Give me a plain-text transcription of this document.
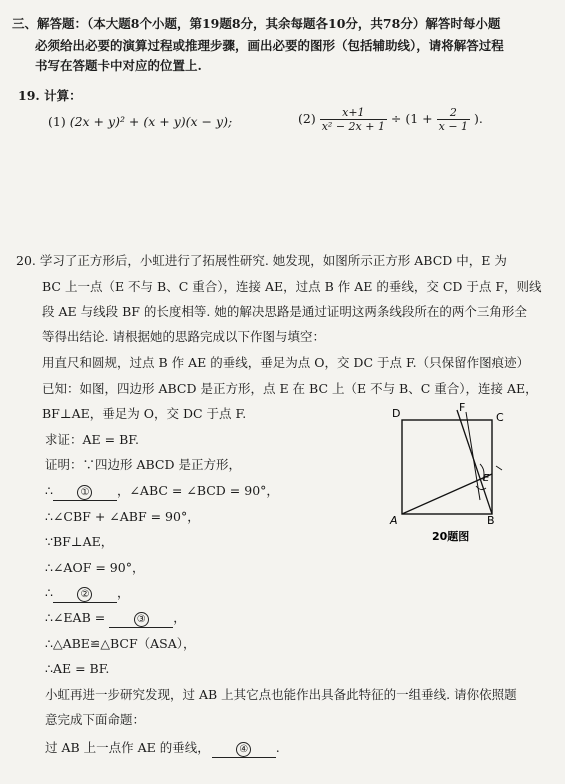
三、解答题：（本大题8个小题，第19题8分，其余每题各10分，共78分）解答时每小题
必须给出必要的演算过程或推理步骤，画出必要的图形（包括辅助线），请将解答过程
书写在答题卡中对应的位置上.
19. 计算：
(1) (2x + y)² + (x + y)(x − y);	$(2) \frac{x+1}{\text{x² − 2x + 1}} \div (1 + \frac{2}{x - 1}$ ).
20. 学习了正方形后，小虹进行了拓展性研究. 她发现，如图所示正方形 ABCD 中，E 为
BC 上一点（E 不与 B、C 重合），连接 AE，过点 B 作 AE 的垂线，交 CD 于点 F，则线
段 AE 与线段 BF 的长度相等. 她的解决思路是通过证明这两条线段所在的两个三角形全
等得出结论. 请根据她的思路完成以下作图与填空：
用直尺和圆规，过点 B 作 AE 的垂线，垂足为点 O，交 DC 于点 F.（只保留作图痕迹）
已知：如图，四边形 ABCD 是正方形，点 E 在 BC 上（E 不与 B、C 重合），连接 AE，
BF⊥AE，垂足为 O，交 DC 于点 F.
求证：AE = BF.
证明：∵四边形 ABCD 是正方形，
∴	① ，∠ABC = ∠BCD = 90°，
∴∠CBF + ∠ABF = 90°，
∵BF⊥AE，
∴∠AOF = 90°，
∴	② ，
∴∠EAB =	③ ，
∴△ABE≌△BCF（ASA），
∴AE = BF.
小虹再进一步研究发现，过 AB 上其它点也能作出具备此特征的一组垂线. 请你依照题
意完成下面命题：
过 AB 上一点作 AE 的垂线，	④ .
D	C
F
E
A	B
20题图
